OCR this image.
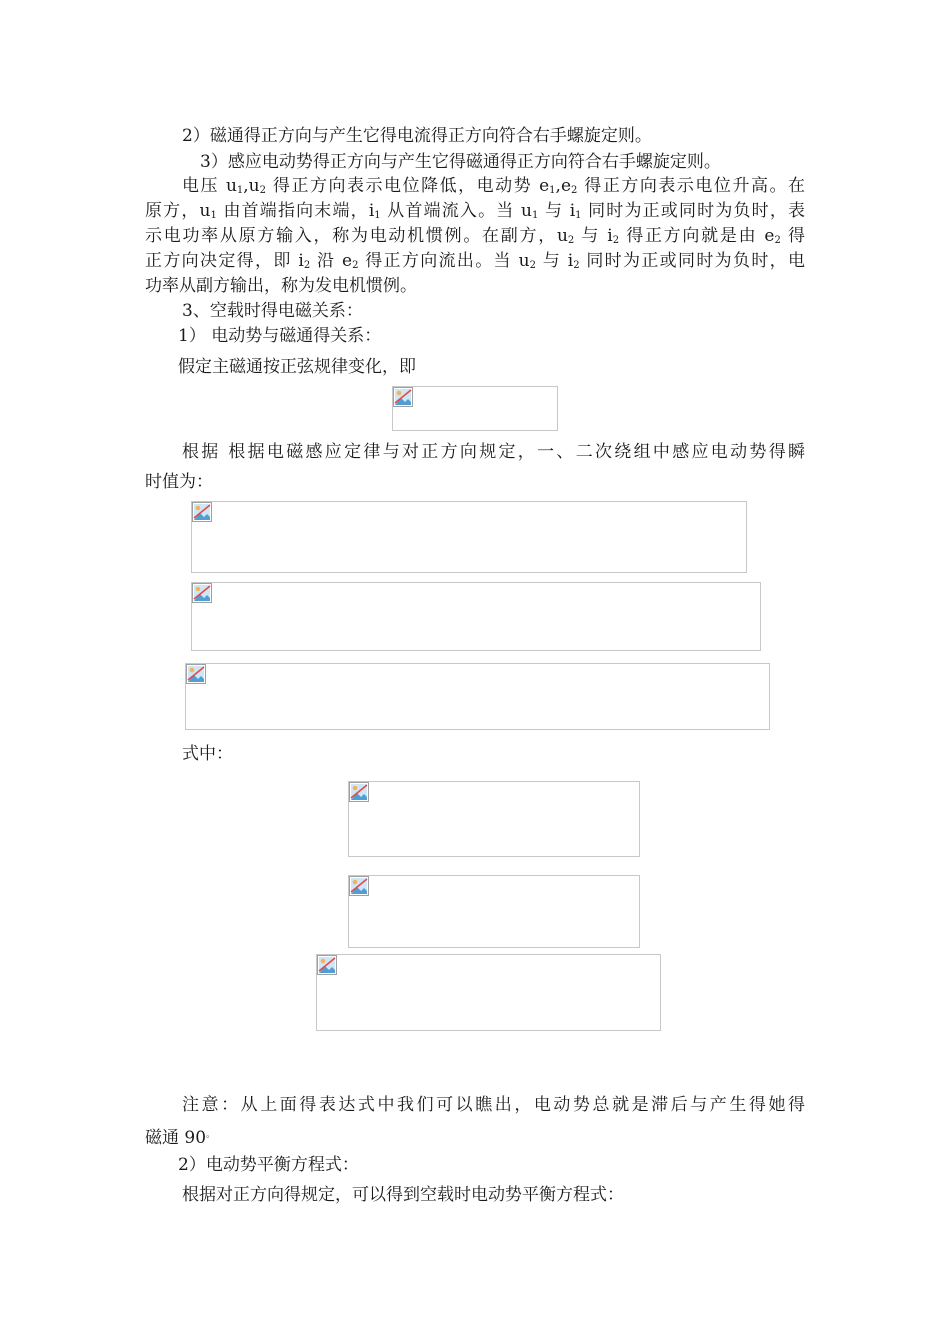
2）磁通得正方向与产生它得电流得正方向符合右手螺旋定则。
3）感应电动势得正方向与产生它得磁通得正方向符合右手螺旋定则。
电压 $u_1,u_2$ 得正方向表示电位降低，电动势 $e_1,e_2$ 得正方向表示电位升高。在
原方，$u_1$ 由首端指向末端，$i_1$ 从首端流入。当 $u_1$ 与 $i_1$ 同时为正或同时为负时，表
示电功率从原方输入，称为电动机惯例。在副方，$u_2$ 与 $i_2$ 得正方向就是由 $e_2$ 得
正方向决定得，即 $i_2$ 沿 $e_2$ 得正方向流出。当 $u_2$ 与 $i_2$ 同时为正或同时为负时，电
功率从副方输出，称为发电机惯例。
3、空载时得电磁关系：
1） 电动势与磁通得关系：
假定主磁通按正弦规律变化，即
根据 根据电磁感应定律与对正方向规定，一、二次绕组中感应电动势得瞬
时值为：
式中：
注意：从上面得表达式中我们可以瞧出，电动势总就是滞后与产生得她得
磁通 90。
2）电动势平衡方程式：
根据对正方向得规定，可以得到空载时电动势平衡方程式：
